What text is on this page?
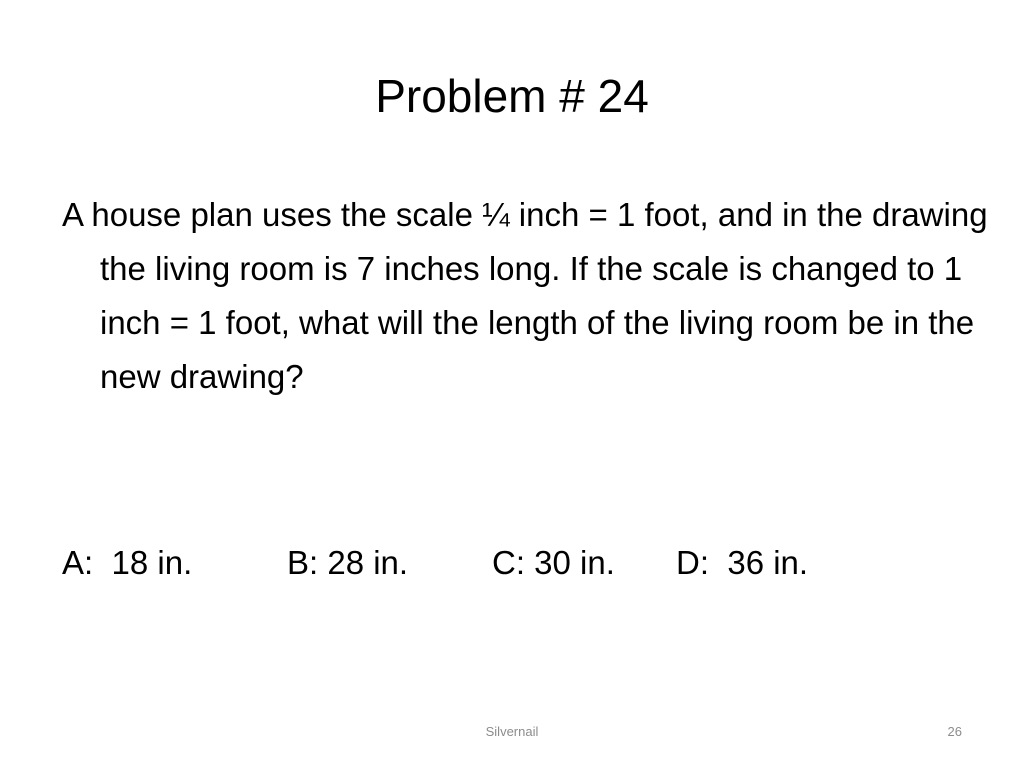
Problem # 24

A house plan uses the scale ¼ inch = 1 foot, and in the drawing the living room is 7 inches long. If the scale is changed to 1 inch = 1 foot, what will the length of the living room be in the new drawing?

A:  18 in.	B: 28 in.	C: 30 in. D:  36 in.
Silvernail	26
